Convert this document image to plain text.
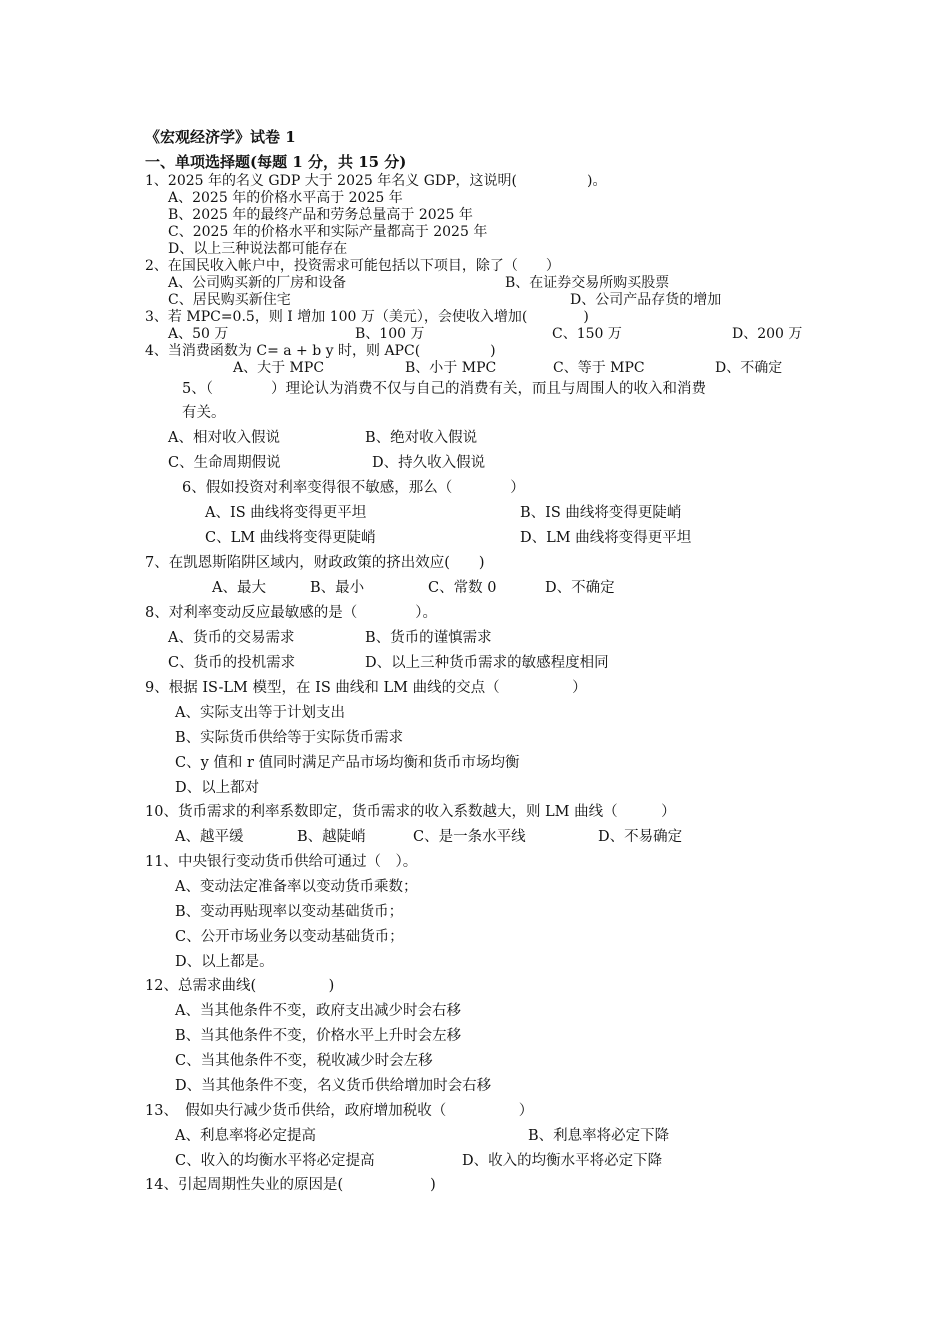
《宏观经济学》试卷 1
一、单项选择题(每题 1 分，共 15 分)
1、2025 年的名义 GDP 大于 2025 年名义 GDP，这说明(　　　　　)。
A、2025 年的价格水平高于 2025 年
B、2025 年的最终产品和劳务总量高于 2025 年
C、2025 年的价格水平和实际产量都高于 2025 年
D、以上三种说法都可能存在
2、在国民收入帐户中，投资需求可能包括以下项目，除了（　　）
A、公司购买新的厂房和设备	B、在证券交易所购买股票
C、居民购买新住宅	D、公司产品存货的增加
3、若 MPC=0.5，则 I 增加 100 万（美元），会使收入增加(　　　　)
A、50 万	B、100 万	C、150 万	D、200 万
4、当消费函数为 C= a + b y 时，则 APC(　　　　　)
A、大于 MPC	B、小于 MPC	C、等于 MPC	D、不确定
5、（　　　　）理论认为消费不仅与自己的消费有关，而且与周围人的收入和消费
有关。
A、相对收入假说	B、绝对收入假说
C、生命周期假说	D、持久收入假说
6、假如投资对利率变得很不敏感，那么（　　　　）
A、IS 曲线将变得更平坦	B、IS 曲线将变得更陡峭
C、LM 曲线将变得更陡峭	D、LM 曲线将变得更平坦
7、在凯恩斯陷阱区域内，财政政策的挤出效应(　　)
A、最大	B、最小	C、常数 0	D、不确定
8、对利率变动反应最敏感的是（　　　　）。
A、货币的交易需求	B、货币的谨慎需求
C、货币的投机需求	D、以上三种货币需求的敏感程度相同
9、根据 IS-LM 模型，在 IS 曲线和 LM 曲线的交点（　　　　　）
A、实际支出等于计划支出
B、实际货币供给等于实际货币需求
C、y 值和 r 值同时满足产品市场均衡和货币市场均衡
D、以上都对
10、货币需求的利率系数即定，货币需求的收入系数越大，则 LM 曲线（　　　）
A、越平缓	B、越陡峭	C、是一条水平线	D、不易确定
11、中央银行变动货币供给可通过（　）。
A、变动法定准备率以变动货币乘数；
B、变动再贴现率以变动基础货币；
C、公开市场业务以变动基础货币；
D、以上都是。
12、总需求曲线(　　　　　)
A、当其他条件不变，政府支出减少时会右移
B、当其他条件不变，价格水平上升时会左移
C、当其他条件不变，税收减少时会左移
D、当其他条件不变，名义货币供给增加时会右移
13、　假如央行减少货币供给，政府增加税收（　　　　　）
A、利息率将必定提高	B、利息率将必定下降
C、收入的均衡水平将必定提高	D、收入的均衡水平将必定下降
14、引起周期性失业的原因是(　　　　　　)
